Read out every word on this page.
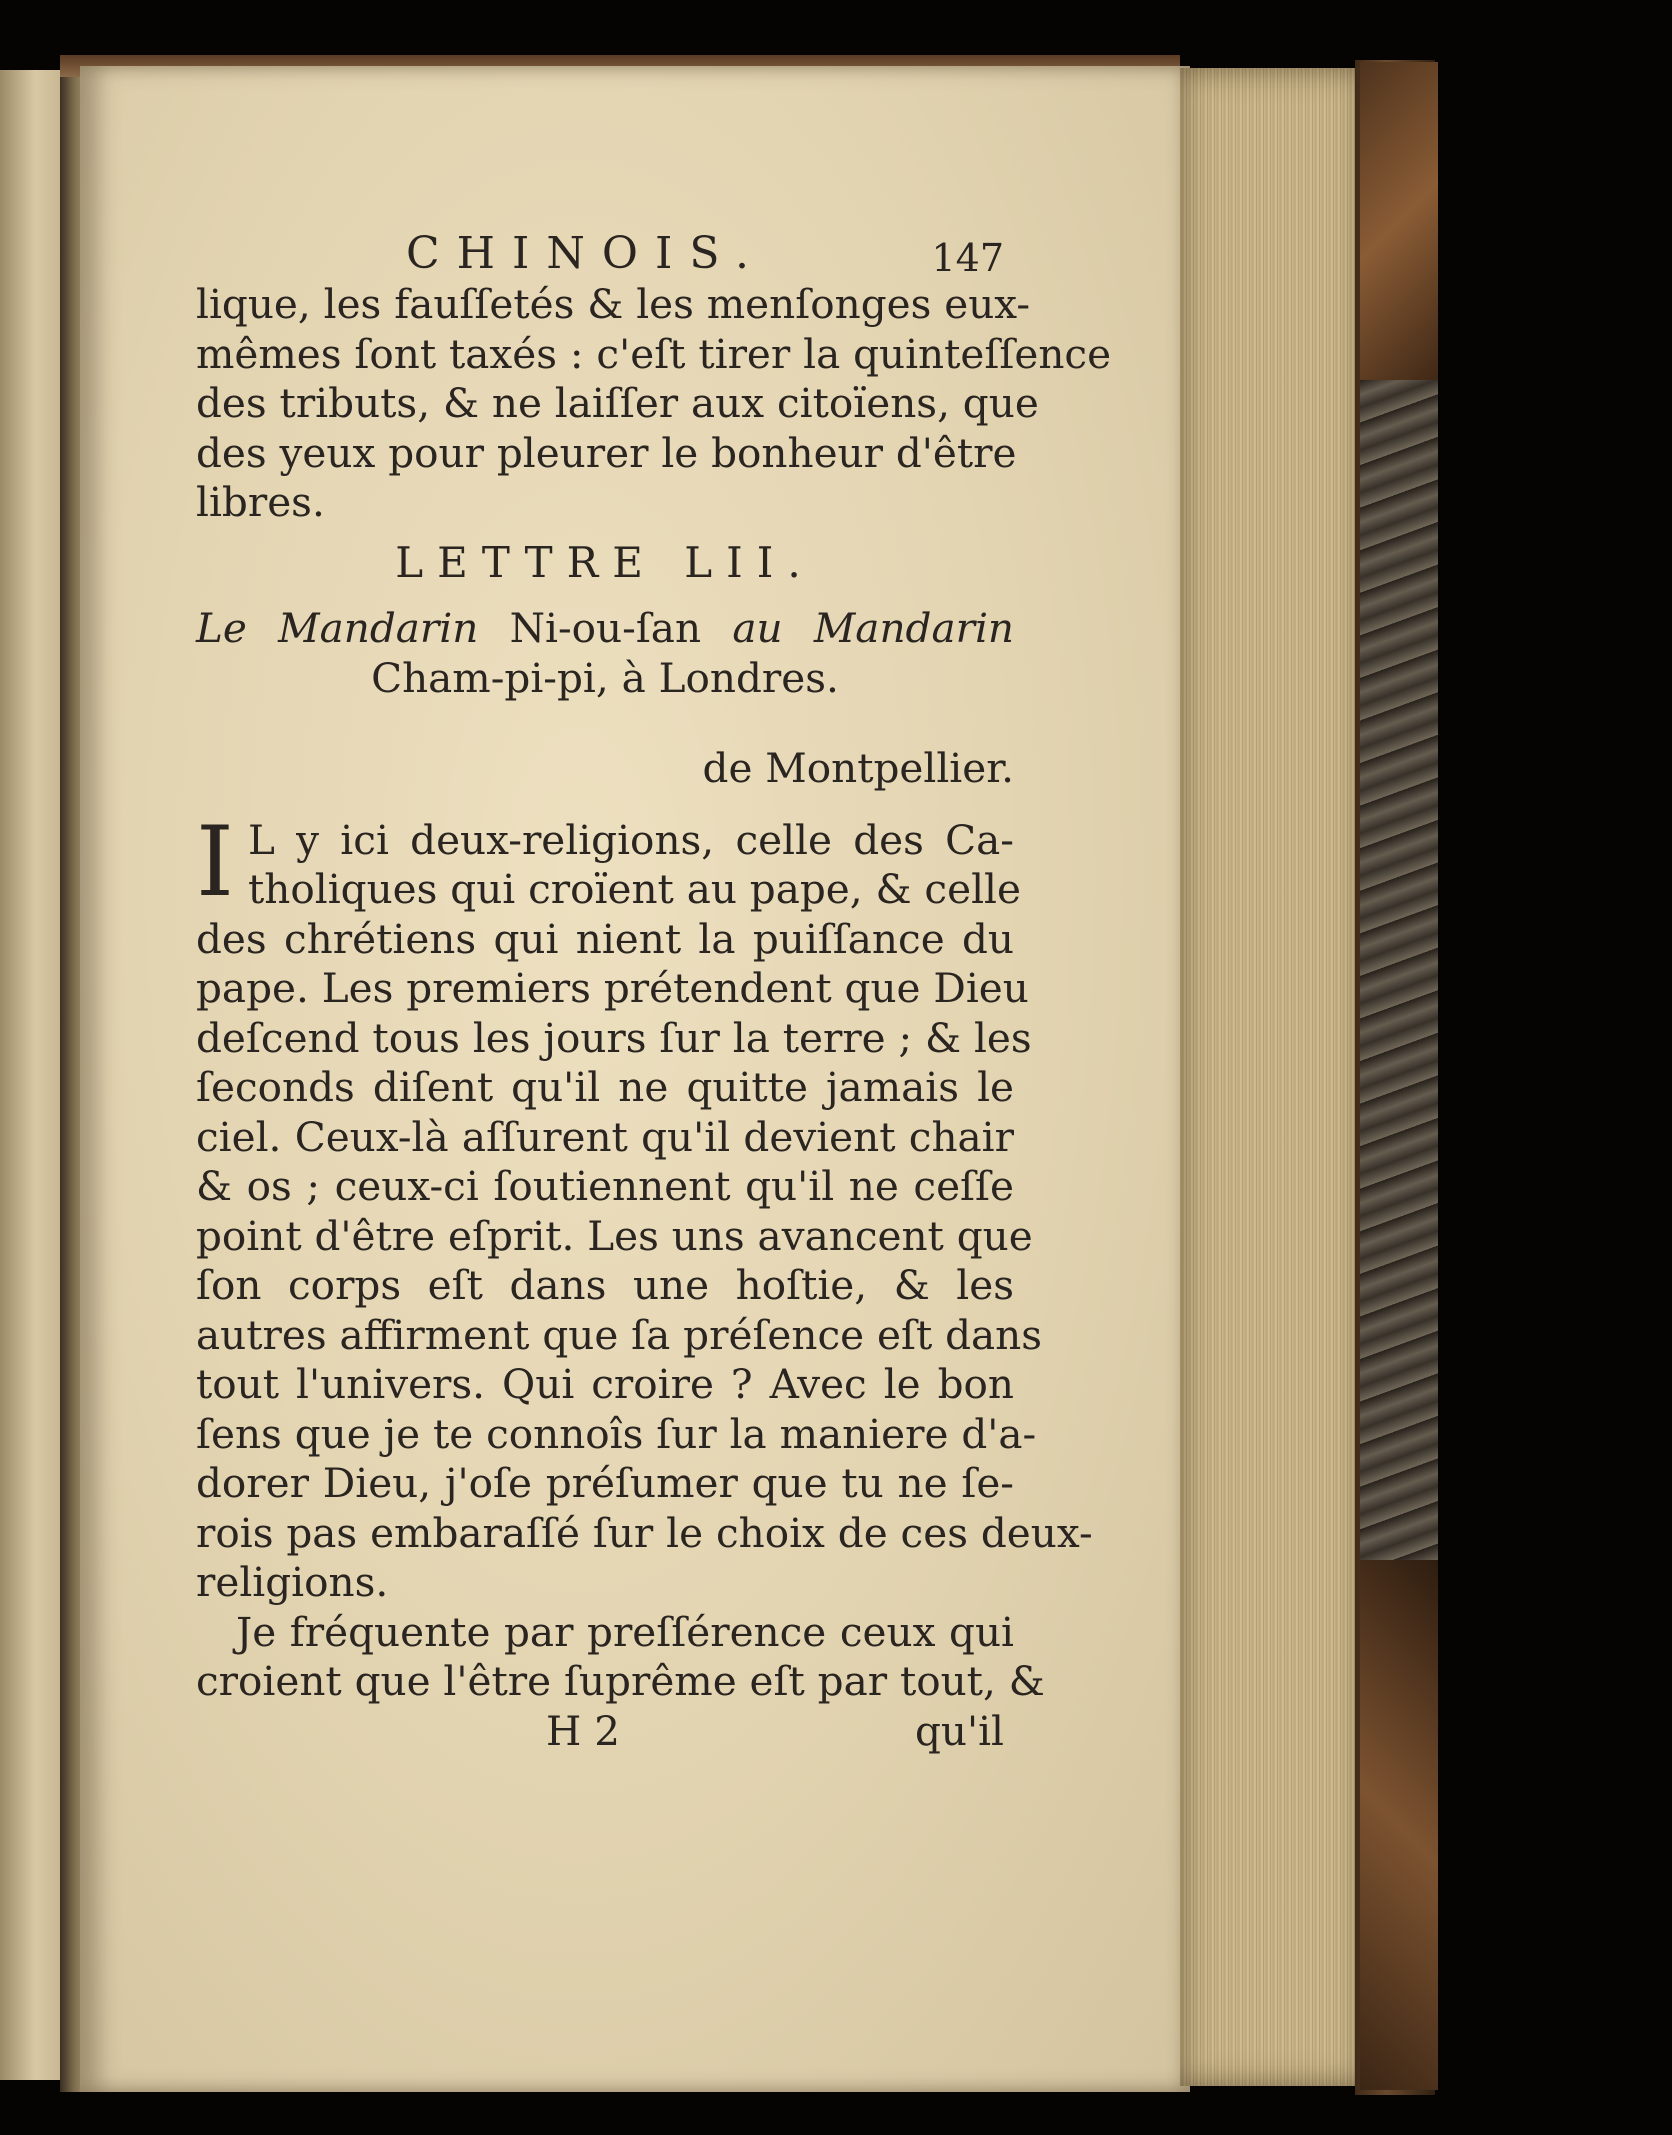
CHINOIS.	147
lique, les fauſſetés & les menſonges eux-
mêmes ſont taxés : c'eſt tirer la quinteſſence
des tributs, & ne laiſſer aux citoïens, que
des yeux pour pleurer le bonheur d'être
libres.
LETTRE LII.
Le Mandarin Ni-ou-ſan au Mandarin
Cham-pi-pi, à Londres.
de Montpellier.
I L y ici deux-religions, celle des Ca-
tholiques qui croïent au pape, & celle
des chrétiens qui nient la puiſſance du
pape. Les premiers prétendent que Dieu
deſcend tous les jours ſur la terre ; & les
ſeconds diſent qu'il ne quitte jamais le
ciel. Ceux-là aſſurent qu'il devient chair
& os ; ceux-ci ſoutiennent qu'il ne ceſſe
point d'être eſprit. Les uns avancent que
ſon corps eſt dans une hoſtie, & les
autres affirment que ſa préſence eſt dans
tout l'univers. Qui croire ? Avec le bon
ſens que je te connoîs ſur la maniere d'a-
dorer Dieu, j'oſe préſumer que tu ne ſe-
rois pas embaraſſé ſur le choix de ces deux-
religions.
Je fréquente par preſſérence ceux qui
croient que l'être ſuprême eſt par tout, &
H 2	qu'il
